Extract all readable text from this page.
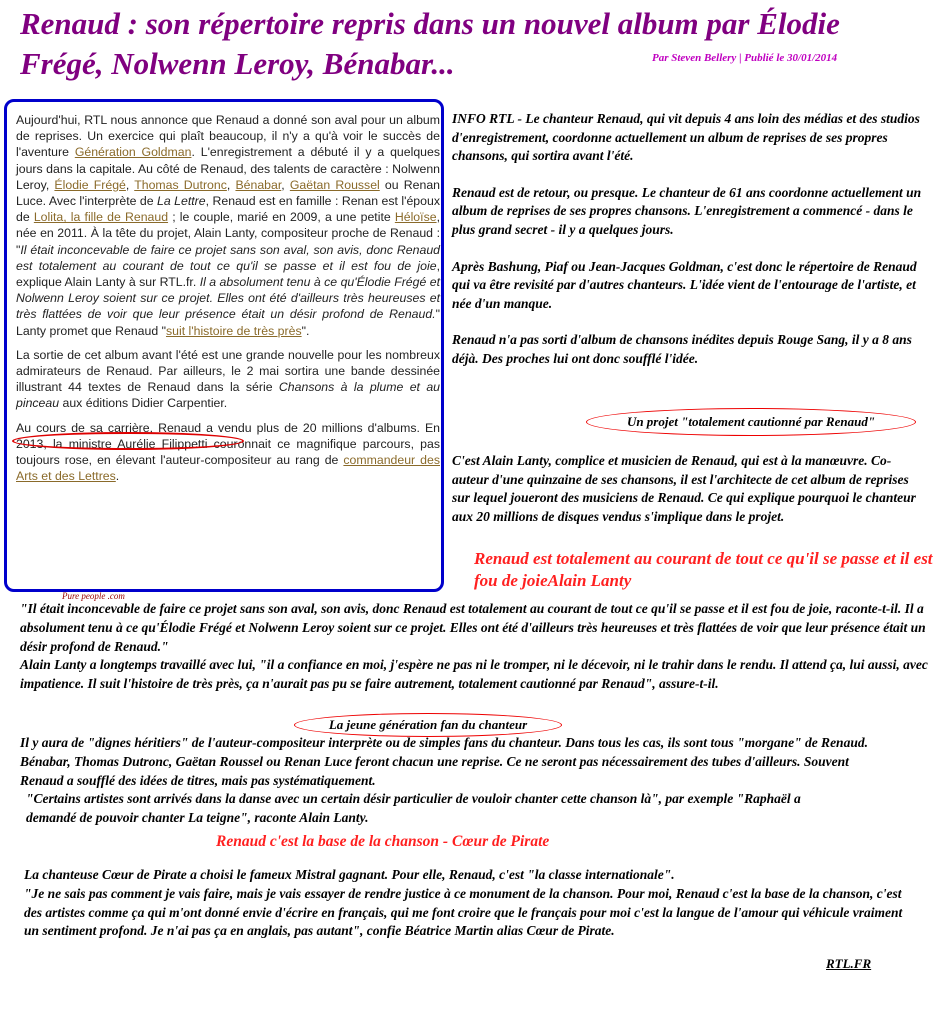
Renaud : son répertoire repris dans un nouvel album par Élodie Frégé, Nolwenn Leroy, Bénabar...	Par Steven Bellery | Publié le 30/01/2014

Aujourd'hui, RTL nous annonce que Renaud a donné son aval pour un album de reprises. Un exercice qui plaît beaucoup, il n'y a qu'à voir le succès de l'aventure Génération Goldman. L'enregistrement a débuté il y a quelques jours dans la capitale. Au côté de Renaud, des talents de caractère : Nolwenn Leroy, Élodie Frégé, Thomas Dutronc, Bénabar, Gaëtan Roussel ou Renan Luce. Avec l'interprète de La Lettre, Renaud est en famille : Renan est l'époux de Lolita, la fille de Renaud ; le couple, marié en 2009, a une petite Héloïse, née en 2011. À la tête du projet, Alain Lanty, compositeur proche de Renaud : "Il était inconcevable de faire ce projet sans son aval, son avis, donc Renaud est totalement au courant de tout ce qu'il se passe et il est fou de joie, explique Alain Lanty à sur RTL.fr. Il a absolument tenu à ce qu'Élodie Frégé et Nolwenn Leroy soient sur ce projet. Elles ont été d'ailleurs très heureuses et très flattées de voir que leur présence était un désir profond de Renaud." Lanty promet que Renaud "suit l'histoire de très près".

La sortie de cet album avant l'été est une grande nouvelle pour les nombreux admirateurs de Renaud. Par ailleurs, le 2 mai sortira une bande dessinée illustrant 44 textes de Renaud dans la série Chansons à la plume et au pinceau aux éditions Didier Carpentier.

Au cours de sa carrière, Renaud a vendu plus de 20 millions d'albums. En 2013, la ministre Aurélie Filippetti couronnait ce magnifique parcours, pas toujours rose, en élevant l'auteur-compositeur au rang de commandeur des Arts et des Lettres.

Pure people .com

INFO RTL - Le chanteur Renaud, qui vit depuis 4 ans loin des médias et des studios d'enregistrement, coordonne actuellement un album de reprises de ses propres chansons, qui sortira avant l'été.

Renaud est de retour, ou presque. Le chanteur de 61 ans coordonne actuellement un album de reprises de ses propres chansons. L'enregistrement a commencé - dans le plus grand secret - il y a quelques jours.

Après Bashung, Piaf ou Jean-Jacques Goldman, c'est donc le répertoire de Renaud qui va être revisité par d'autres chanteurs. L'idée vient de l'entourage de l'artiste, et née d'un manque.

Renaud n'a pas sorti d'album de chansons inédites depuis Rouge Sang, il y a 8 ans déjà. Des proches lui ont donc soufflé l'idée.

Un projet "totalement cautionné par Renaud"

C'est Alain Lanty, complice et musicien de Renaud, qui est à la manœuvre. Co-auteur d'une quinzaine de ses chansons, il est l'architecte de cet album de reprises sur lequel joueront des musiciens de Renaud. Ce qui explique pourquoi le chanteur aux 20 millions de disques vendus s'implique dans le projet.

Renaud est totalement au courant de tout ce qu'il se passe et il est fou de joieAlain Lanty

"Il était inconcevable de faire ce projet sans son aval, son avis, donc Renaud est totalement au courant de tout ce qu'il se passe et il est fou de joie, raconte-t-il. Il a absolument tenu à ce qu'Élodie Frégé et Nolwenn Leroy soient sur ce projet. Elles ont été d'ailleurs très heureuses et très flattées de voir que leur présence était un désir profond de Renaud."

Alain Lanty a longtemps travaillé avec lui, "il a confiance en moi, j'espère ne pas ni le tromper, ni le décevoir, ni le trahir dans le rendu. Il attend ça, lui aussi, avec impatience. Il suit l'histoire de très près, ça n'aurait pas pu se faire autrement, totalement cautionné par Renaud", assure-t-il.

La jeune génération fan du chanteur

Il y aura de "dignes héritiers" de l'auteur-compositeur interprète ou de simples fans du chanteur. Dans tous les cas, ils sont tous "morgane" de Renaud. Bénabar, Thomas Dutronc, Gaëtan Roussel ou Renan Luce feront chacun une reprise. Ce ne seront pas nécessairement des tubes d'ailleurs. Souvent Renaud a soufflé des idées de titres, mais pas systématiquement.

"Certains artistes sont arrivés dans la danse avec un certain désir particulier de vouloir chanter cette chanson là", par exemple "Raphaël a demandé de pouvoir chanter La teigne", raconte Alain Lanty.

Renaud c'est la base de la chanson - Cœur de Pirate

La chanteuse Cœur de Pirate a choisi le fameux Mistral gagnant. Pour elle, Renaud, c'est "la classe internationale".

"Je ne sais pas comment je vais faire, mais je vais essayer de rendre justice à ce monument de la chanson. Pour moi, Renaud c'est la base de la chanson, c'est des artistes comme ça qui m'ont donné envie d'écrire en français, qui me font croire que le français pour moi c'est la langue de l'amour qui véhicule vraiment un sentiment profond. Je n'ai pas ça en anglais, pas autant", confie Béatrice Martin alias Cœur de Pirate.

RTL.FR
